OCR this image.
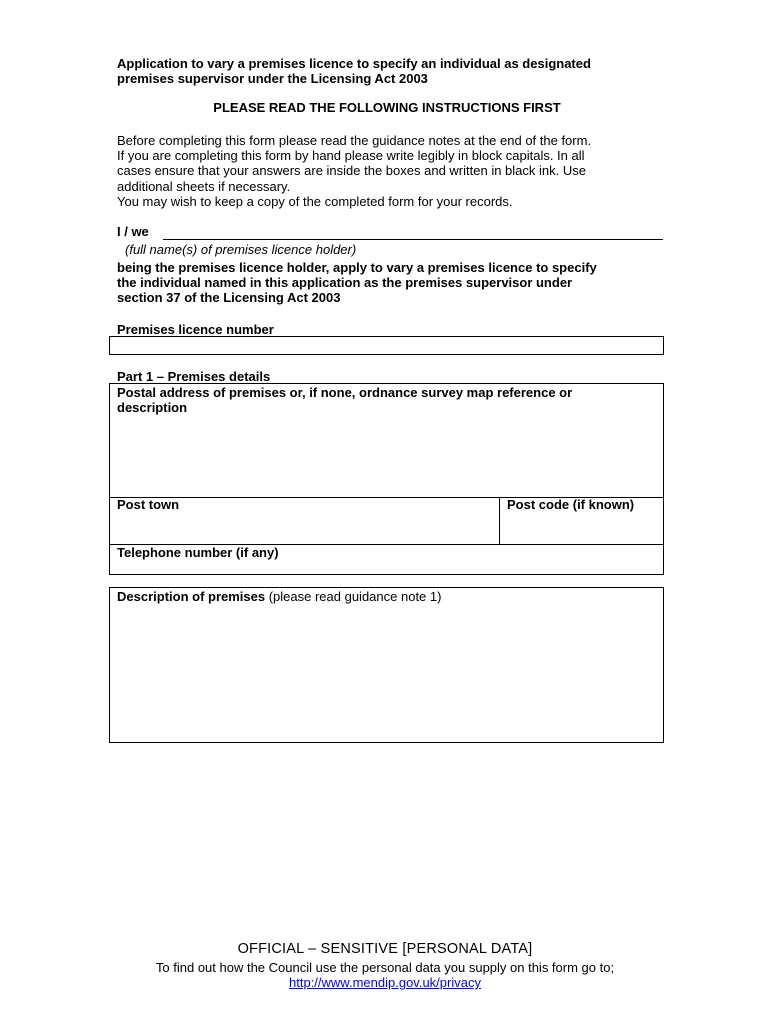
Application to vary a premises licence to specify an individual as designated
premises supervisor under the Licensing Act 2003
PLEASE READ THE FOLLOWING INSTRUCTIONS FIRST
Before completing this form please read the guidance notes at the end of the form.
If you are completing this form by hand please write legibly in block capitals. In all
cases ensure that your answers are inside the boxes and written in black ink. Use
additional sheets if necessary.
You may wish to keep a copy of the completed form for your records.
I / we
(full name(s) of premises licence holder)
being the premises licence holder, apply to vary a premises licence to specify
the individual named in this application as the premises supervisor under
section 37 of the Licensing Act 2003
Premises licence number
Part 1 – Premises details
Postal address of premises or, if none, ordnance survey map reference or
description
Post town	Post code (if known)
Telephone number (if any)
Description of premises (please read guidance note 1)
OFFICIAL – SENSITIVE [PERSONAL DATA]
To find out how the Council use the personal data you supply on this form go to;
http://www.mendip.gov.uk/privacy
